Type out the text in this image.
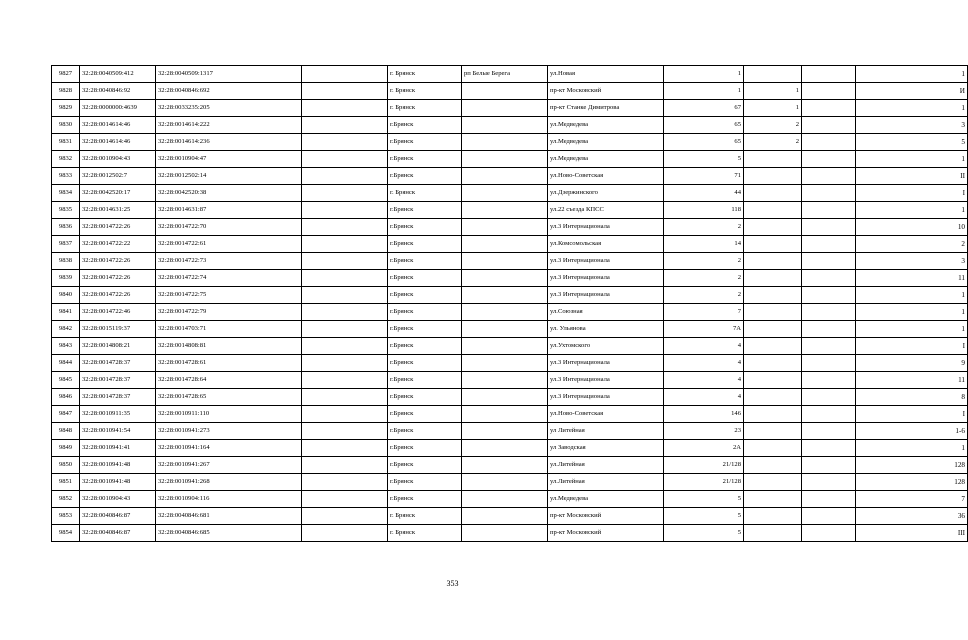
9827	32:28:0040509:412	32:28:0040509:1317		г. Брянск	рп Белые Берега	ул.Новая	1			1
9828	32:28:0040846:92	32:28:0040846:692		г. Брянск		пр-кт Московский	1	1		И
9829	32:28:0000000:4639	32:28:0033235:205		г. Брянск		пр-кт Станке Димитрова	67	1		1
9830	32:28:0014614:46	32:28:0014614:222		г.Брянск		ул.Медведева	65	2		3
9831	32:28:0014614:46	32:28:0014614:236		г.Брянск		ул.Медведева	65	2		5
9832	32:28:0010904:43	32:28:0010904:47		г.Брянск		ул.Медведева	5			1
9833	32:28:0012502:7	32:28:0012502:14		г.Брянск		ул.Ново-Советская	71			II
9834	32:28:0042520:17	32:28:0042520:38		г. Брянск		ул.Дзержинского	44			I
9835	32:28:0014631:25	32:28:0014631:87		г.Брянск		ул.22 съезда КПСС	118			1
9836	32:28:0014722:26	32:28:0014722:70		г.Брянск		ул.3 Интернационала	2			10
9837	32:28:0014722:22	32:28:0014722:61		г.Брянск		ул.Комсомольская	14			2
9838	32:28:0014722:26	32:28:0014722:73		г.Брянск		ул.3 Интернационала	2			3
9839	32:28:0014722:26	32:28:0014722:74		г.Брянск		ул.3 Интернационала	2			11
9840	32:28:0014722:26	32:28:0014722:75		г.Брянск		ул.3 Интернационала	2			1
9841	32:28:0014722:46	32:28:0014722:79		г.Брянск		ул.Союзная	7			1
9842	32:28:0015119:37	32:28:0014703:71		г.Брянск		ул. Ульянова	7А			1
9843	32:28:0014808:21	32:28:0014808:81		г.Брянск		ул.Ухтомского	4			I
9844	32:28:0014728:37	32:28:0014728:61		г.Брянск		ул.3 Интернационала	4			9
9845	32:28:0014728:37	32:28:0014728:64		г.Брянск		ул.3 Интернационала	4			11
9846	32:28:0014728:37	32:28:0014728:65		г.Брянск		ул.3 Интернационала	4			8
9847	32:28:0010911:35	32:28:0010911:110		г.Брянск		ул.Ново-Советская	146			I
9848	32:28:0010941:54	32:28:0010941:273		г.Брянск		ул Литейная	23			1-6
9849	32:28:0010941:41	32:28:0010941:164		г.Брянск		ул Заводская	2А			1
9850	32:28:0010941:48	32:28:0010941:267		г.Брянск		ул.Литейная	21/128			128
9851	32:28:0010941:48	32:28:0010941:268		г.Брянск		ул.Литейная	21/128			128
9852	32:28:0010904:43	32:28:0010904:116		г.Брянск		ул.Медведева	5			7
9853	32:28:0040846:87	32:28:0040846:681		г. Брянск		пр-кт Московский	5			36
9854	32:28:0040846:87	32:28:0040846:685		г. Брянск		пр-кт Московский	5			III
353
